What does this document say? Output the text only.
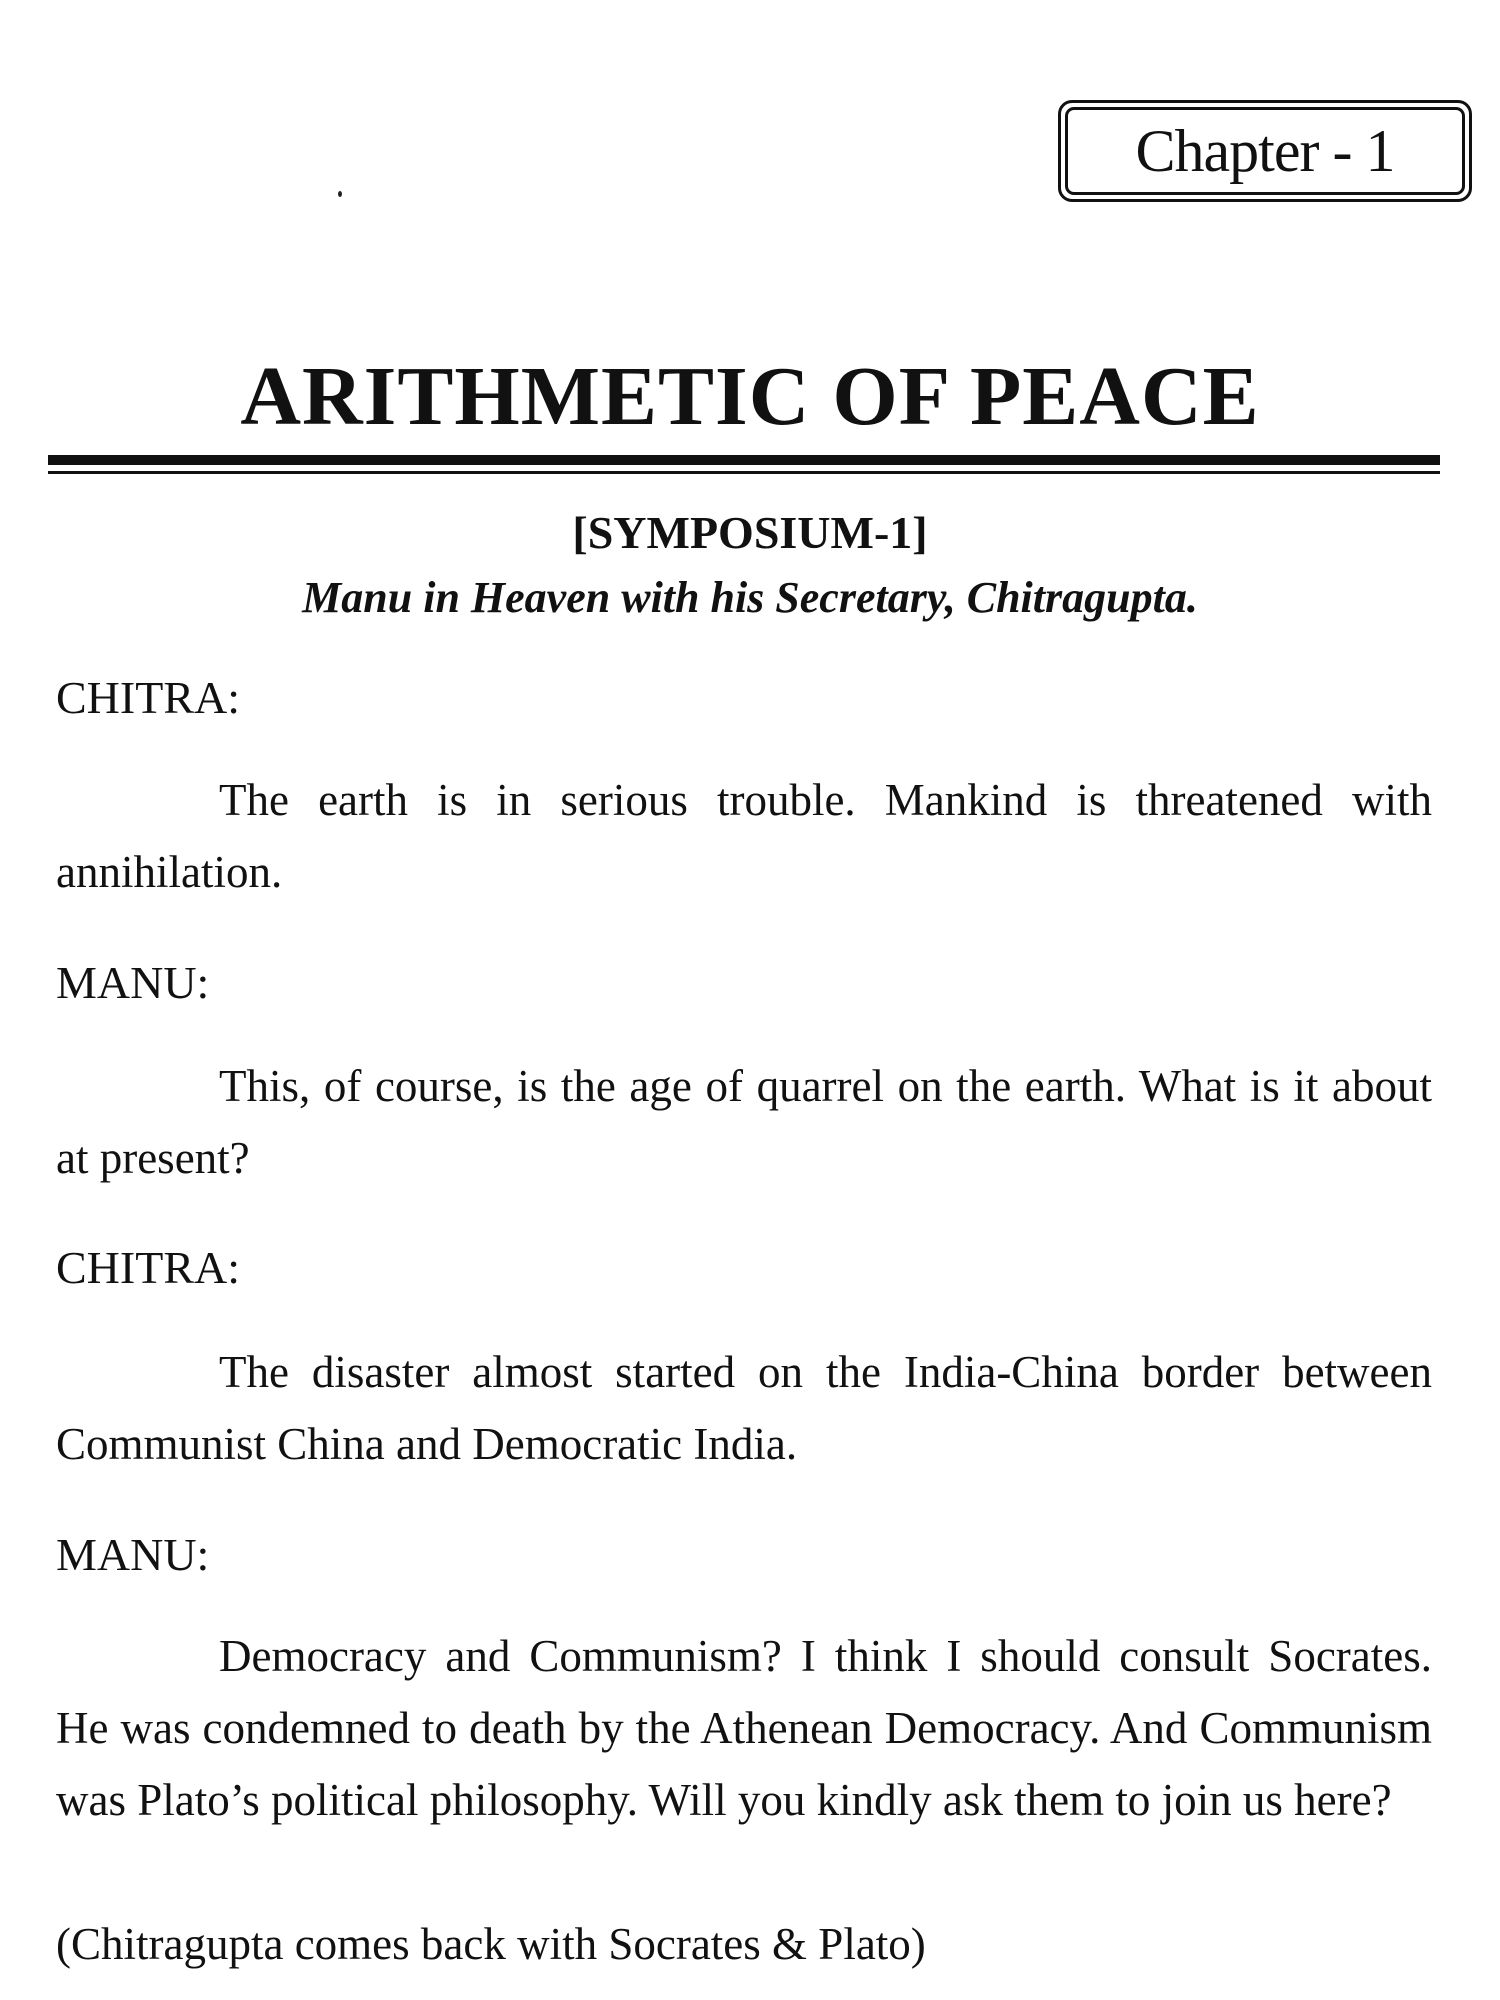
Chapter - 1
ARITHMETIC OF PEACE
[SYMPOSIUM-1]
Manu in Heaven with his Secretary, Chitragupta.
CHITRA:

The earth is in serious trouble. Mankind is threatened with annihilation.

MANU:

This, of course, is the age of quarrel on the earth. What is it about at present?

CHITRA:

The disaster almost started on the India-China border between Communist China and Democratic India.

MANU:

Democracy and Communism? I think I should consult Socrates. He was condemned to death by the Athenean Democracy. And Communism was Plato’s political philosophy. Will you kindly ask them to join us here?

(Chitragupta comes back with Socrates & Plato)
